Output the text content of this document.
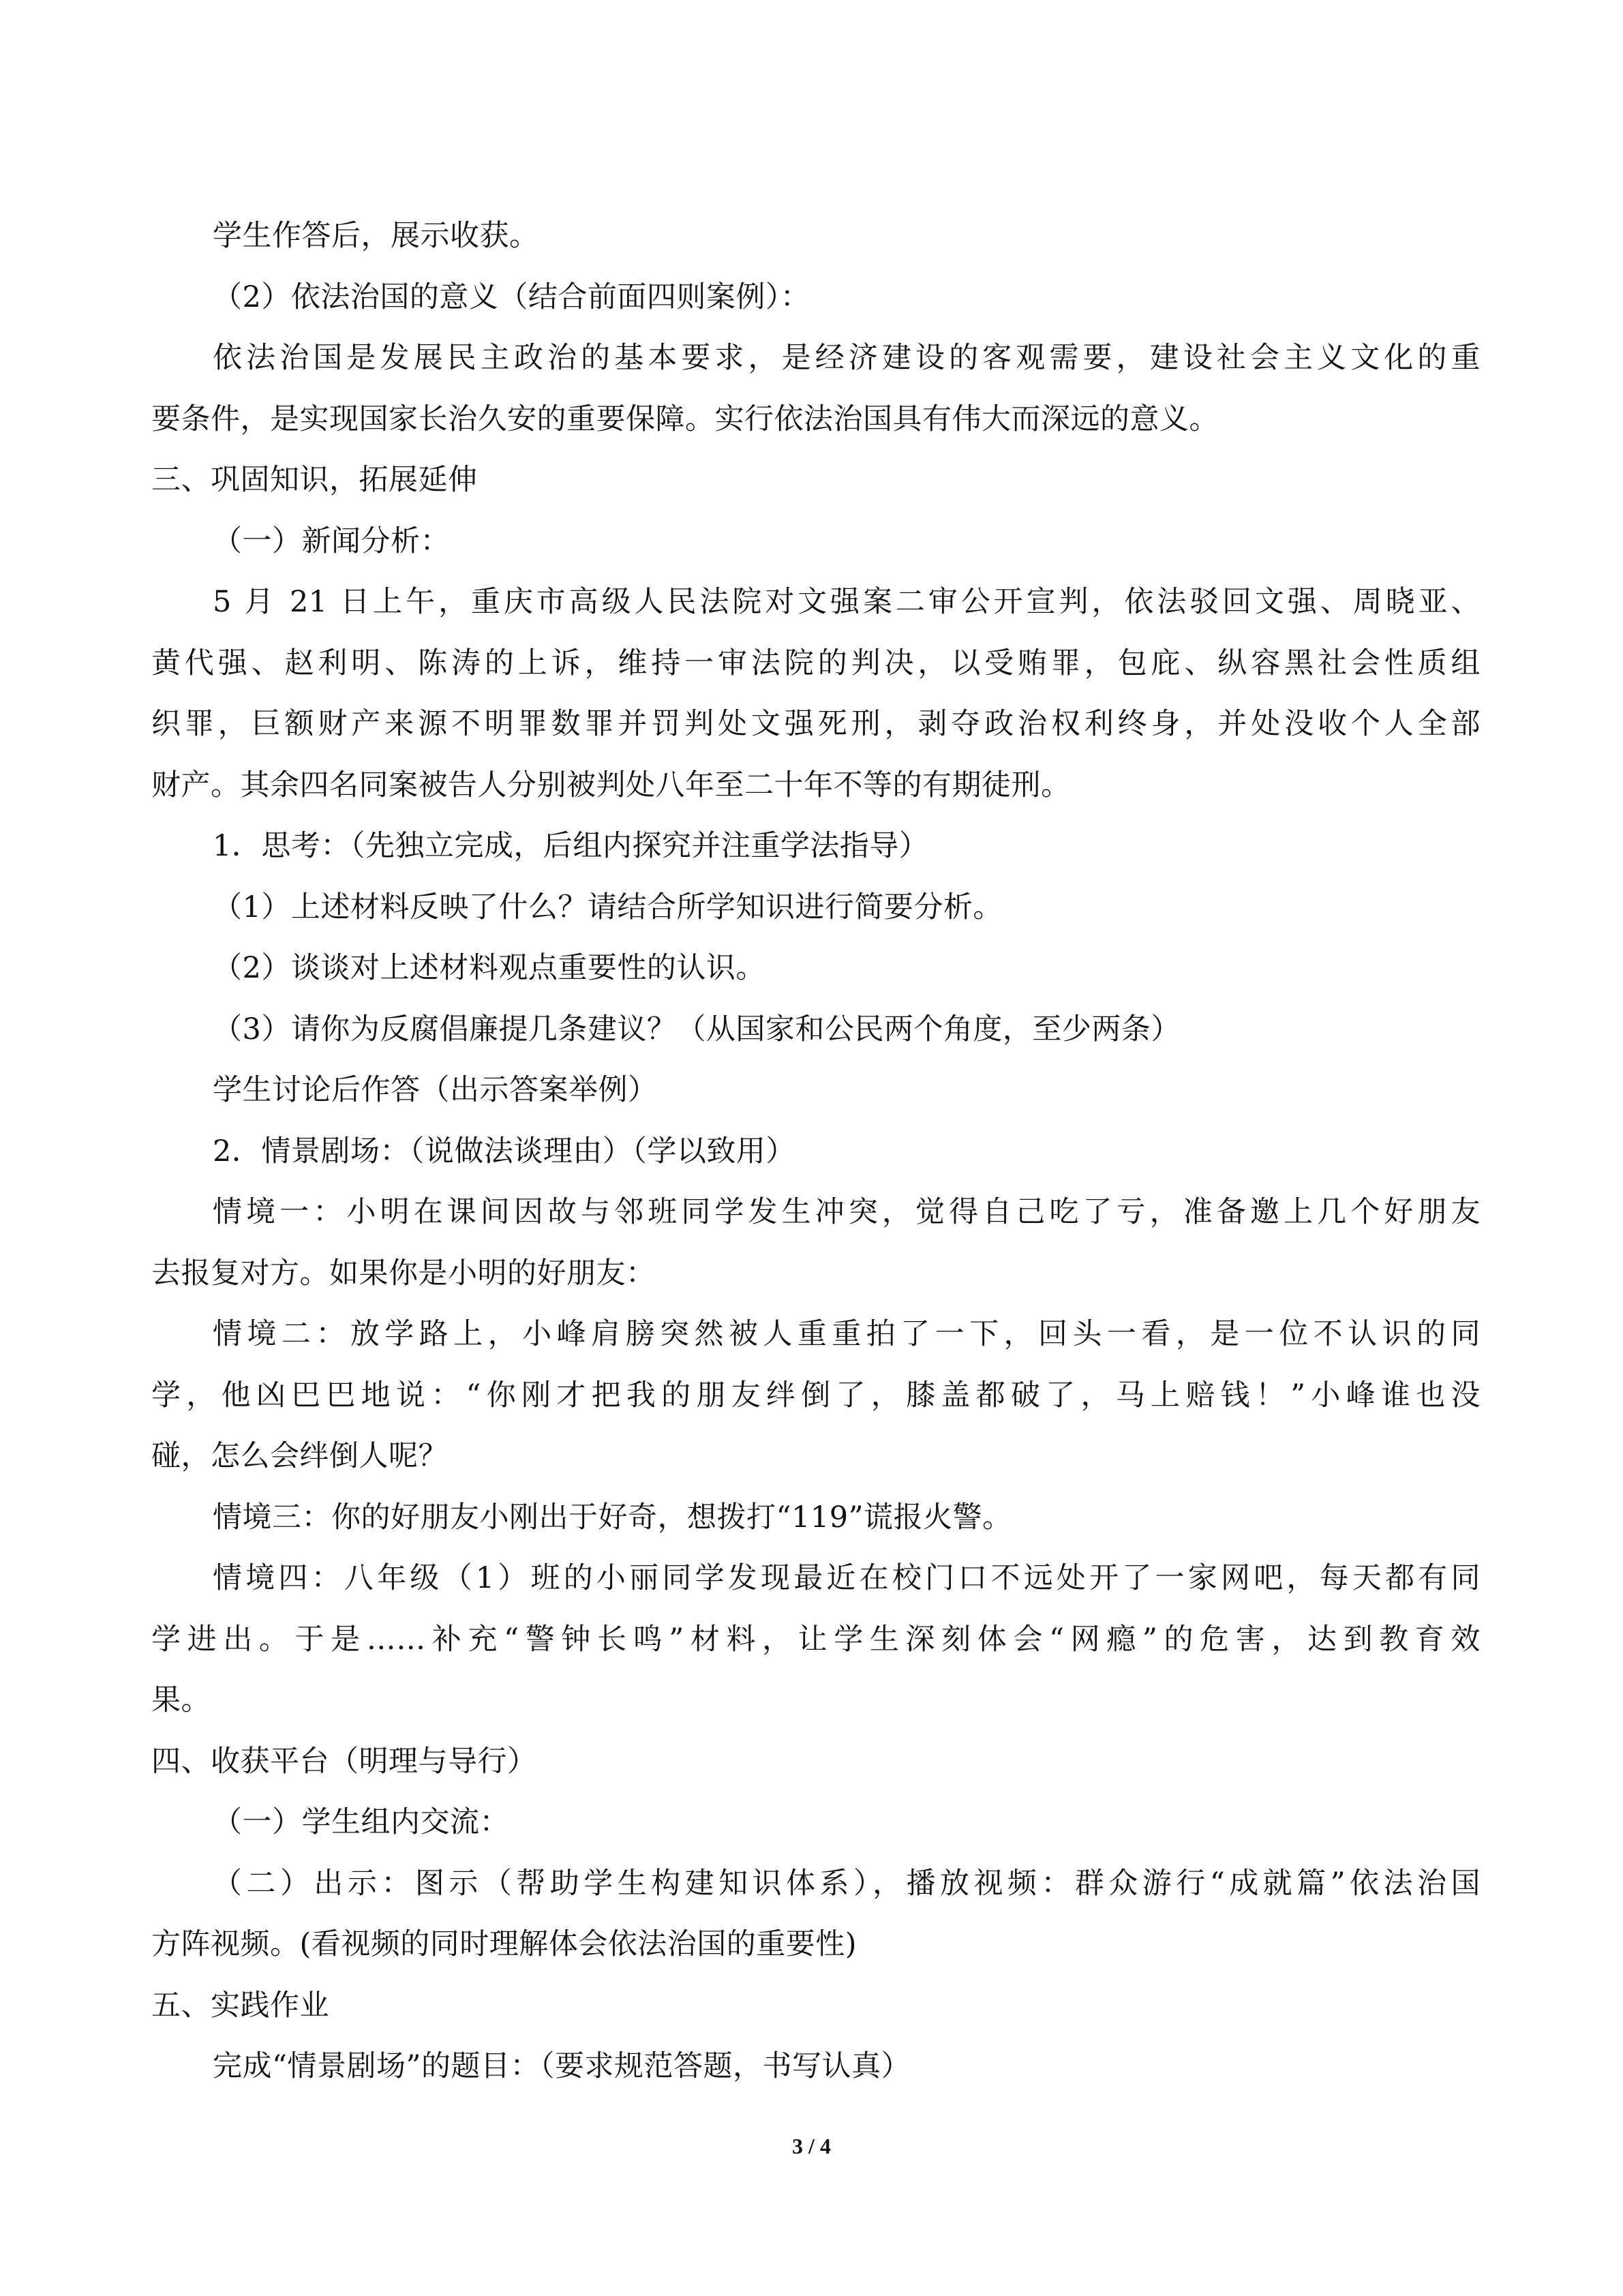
学生作答后，展示收获。
（2）依法治国的意义（结合前面四则案例）：
依法治国是发展民主政治的基本要求，是经济建设的客观需要，建设社会主义文化的重
要条件，是实现国家长治久安的重要保障。实行依法治国具有伟大而深远的意义。
三、巩固知识，拓展延伸
（一）新闻分析：
5 月 21 日上午，重庆市高级人民法院对文强案二审公开宣判，依法驳回文强、周晓亚、
黄代强、赵利明、陈涛的上诉，维持一审法院的判决，以受贿罪，包庇、纵容黑社会性质组
织罪，巨额财产来源不明罪数罪并罚判处文强死刑，剥夺政治权利终身，并处没收个人全部
财产。其余四名同案被告人分别被判处八年至二十年不等的有期徒刑。
1．思考：（先独立完成，后组内探究并注重学法指导）
（1）上述材料反映了什么？请结合所学知识进行简要分析。
（2）谈谈对上述材料观点重要性的认识。
（3）请你为反腐倡廉提几条建议？（从国家和公民两个角度，至少两条）
学生讨论后作答（出示答案举例）
2．情景剧场：（说做法谈理由）（学以致用）
情境一：小明在课间因故与邻班同学发生冲突，觉得自己吃了亏，准备邀上几个好朋友
去报复对方。如果你是小明的好朋友：
情境二：放学路上，小峰肩膀突然被人重重拍了一下，回头一看，是一位不认识的同
学，他凶巴巴地说：“你刚才把我的朋友绊倒了，膝盖都破了，马上赔钱！”小峰谁也没
碰，怎么会绊倒人呢？
情境三：你的好朋友小刚出于好奇，想拨打“119”谎报火警。
情境四：八年级（1）班的小丽同学发现最近在校门口不远处开了一家网吧，每天都有同
学进出。于是……补充“警钟长鸣”材料，让学生深刻体会“网瘾”的危害，达到教育效
果。
四、收获平台（明理与导行）
（一）学生组内交流：
（二）出示：图示（帮助学生构建知识体系），播放视频：群众游行“成就篇”依法治国
方阵视频。(看视频的同时理解体会依法治国的重要性)
五、实践作业
完成“情景剧场”的题目：（要求规范答题，书写认真）
3 / 4
